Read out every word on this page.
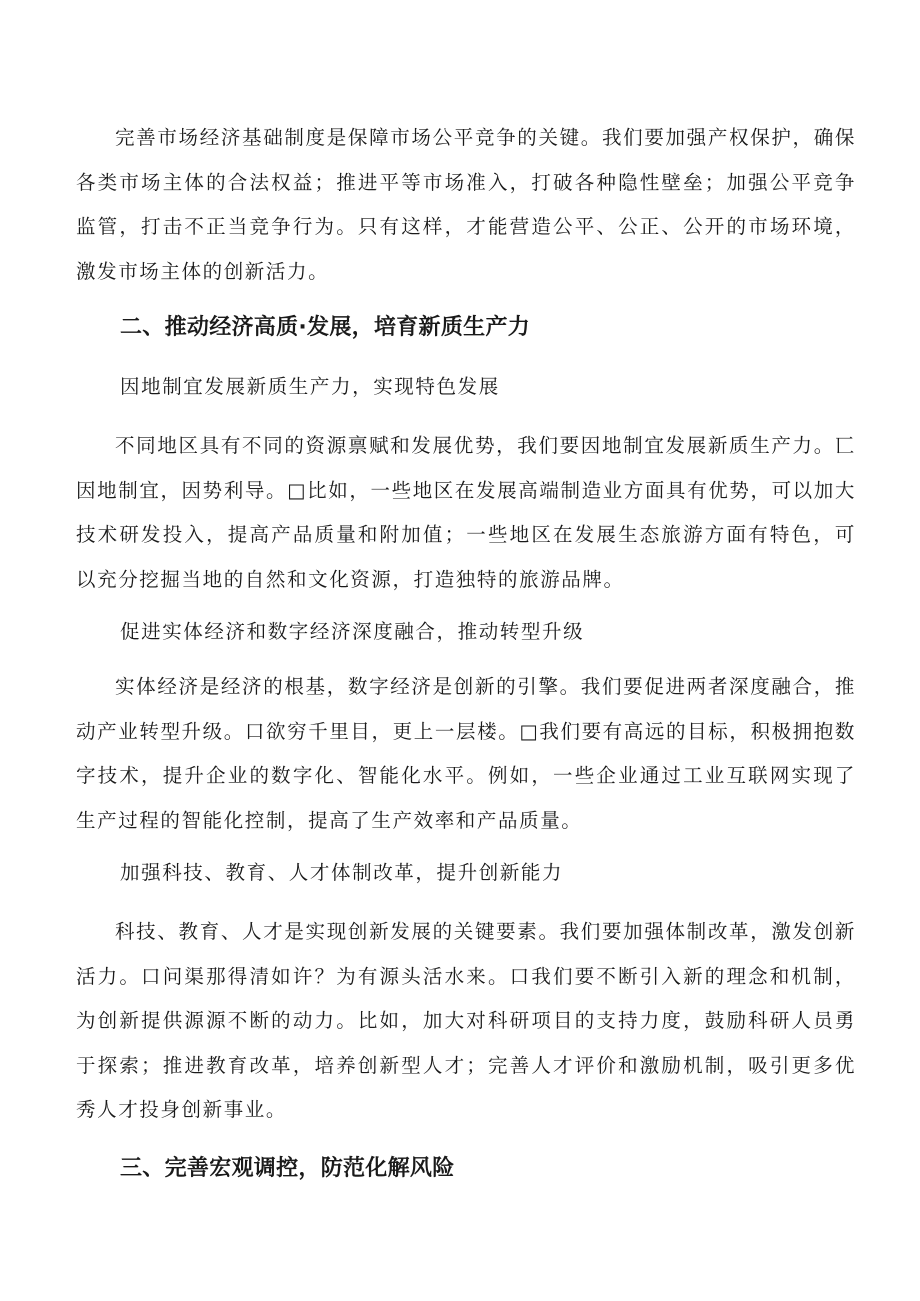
完善市场经济基础制度是保障市场公平竞争的关键。我们要加强产权保护，确保各类市场主体的合法权益；推进平等市场准入，打破各种隐性壁垒；加强公平竞争监管，打击不正当竞争行为。只有这样，才能营造公平、公正、公开的市场环境，激发市场主体的创新活力。

二、推动经济高质·发展，培育新质生产力

因地制宜发展新质生产力，实现特色发展

不同地区具有不同的资源禀赋和发展优势，我们要因地制宜发展新质生产力。匸因地制宜，因势利导。□比如，一些地区在发展高端制造业方面具有优势，可以加大技术研发投入，提高产品质量和附加值；一些地区在发展生态旅游方面有特色，可以充分挖掘当地的自然和文化资源，打造独特的旅游品牌。

促进实体经济和数字经济深度融合，推动转型升级

实体经济是经济的根基，数字经济是创新的引擎。我们要促进两者深度融合，推动产业转型升级。口欲穷千里目，更上一层楼。□我们要有高远的目标，积极拥抱数字技术，提升企业的数字化、智能化水平。例如，一些企业通过工业互联网实现了生产过程的智能化控制，提高了生产效率和产品质量。

加强科技、教育、人才体制改革，提升创新能力

科技、教育、人才是实现创新发展的关键要素。我们要加强体制改革，激发创新活力。口问渠那得清如许？为有源头活水来。口我们要不断引入新的理念和机制，为创新提供源源不断的动力。比如，加大对科研项目的支持力度，鼓励科研人员勇于探索；推进教育改革，培养创新型人才；完善人才评价和激励机制，吸引更多优秀人才投身创新事业。

三、完善宏观调控，防范化解风险
